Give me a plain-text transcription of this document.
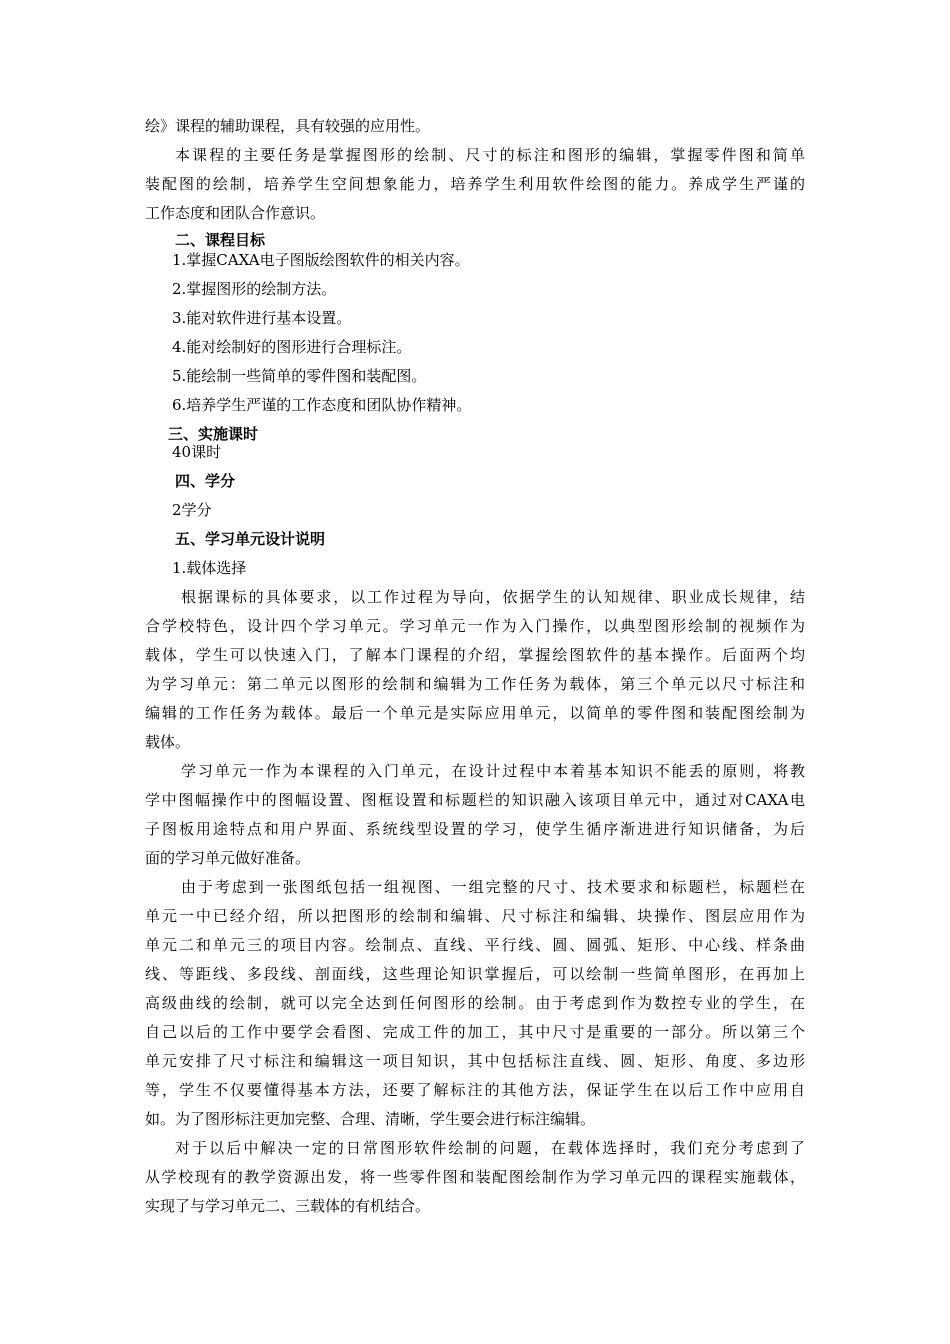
绘》课程的辅助课程，具有较强的应用性。
本课程的主要任务是掌握图形的绘制、尺寸的标注和图形的编辑，掌握零件图和简单
装配图的绘制，培养学生空间想象能力，培养学生利用软件绘图的能力。养成学生严谨的
工作态度和团队合作意识。
二、课程目标
1.掌握CAXA电子图版绘图软件的相关内容。
2.掌握图形的绘制方法。
3.能对软件进行基本设置。
4.能对绘制好的图形进行合理标注。
5.能绘制一些简单的零件图和装配图。
6.培养学生严谨的工作态度和团队协作精神。
三、实施课时
40课时
四、学分
2学分
五、学习单元设计说明
1.载体选择
根据课标的具体要求，以工作过程为导向，依据学生的认知规律、职业成长规律，结
合学校特色，设计四个学习单元。学习单元一作为入门操作，以典型图形绘制的视频作为
载体，学生可以快速入门，了解本门课程的介绍，掌握绘图软件的基本操作。后面两个均
为学习单元：第二单元以图形的绘制和编辑为工作任务为载体，第三个单元以尺寸标注和
编辑的工作任务为载体。最后一个单元是实际应用单元，以简单的零件图和装配图绘制为
载体。
学习单元一作为本课程的入门单元，在设计过程中本着基本知识不能丢的原则，将教
学中图幅操作中的图幅设置、图框设置和标题栏的知识融入该项目单元中，通过对CAXA电
子图板用途特点和用户界面、系统线型设置的学习，使学生循序渐进进行知识储备，为后
面的学习单元做好准备。
由于考虑到一张图纸包括一组视图、一组完整的尺寸、技术要求和标题栏，标题栏在
单元一中已经介绍，所以把图形的绘制和编辑、尺寸标注和编辑、块操作、图层应用作为
单元二和单元三的项目内容。绘制点、直线、平行线、圆、圆弧、矩形、中心线、样条曲
线、等距线、多段线、剖面线，这些理论知识掌握后，可以绘制一些简单图形，在再加上
高级曲线的绘制，就可以完全达到任何图形的绘制。由于考虑到作为数控专业的学生，在
自己以后的工作中要学会看图、完成工件的加工，其中尺寸是重要的一部分。所以第三个
单元安排了尺寸标注和编辑这一项目知识，其中包括标注直线、圆、矩形、角度、多边形
等，学生不仅要懂得基本方法，还要了解标注的其他方法，保证学生在以后工作中应用自
如。为了图形标注更加完整、合理、清晰，学生要会进行标注编辑。
对于以后中解决一定的日常图形软件绘制的问题，在载体选择时，我们充分考虑到了
从学校现有的教学资源出发，将一些零件图和装配图绘制作为学习单元四的课程实施载体，
实现了与学习单元二、三载体的有机结合。
